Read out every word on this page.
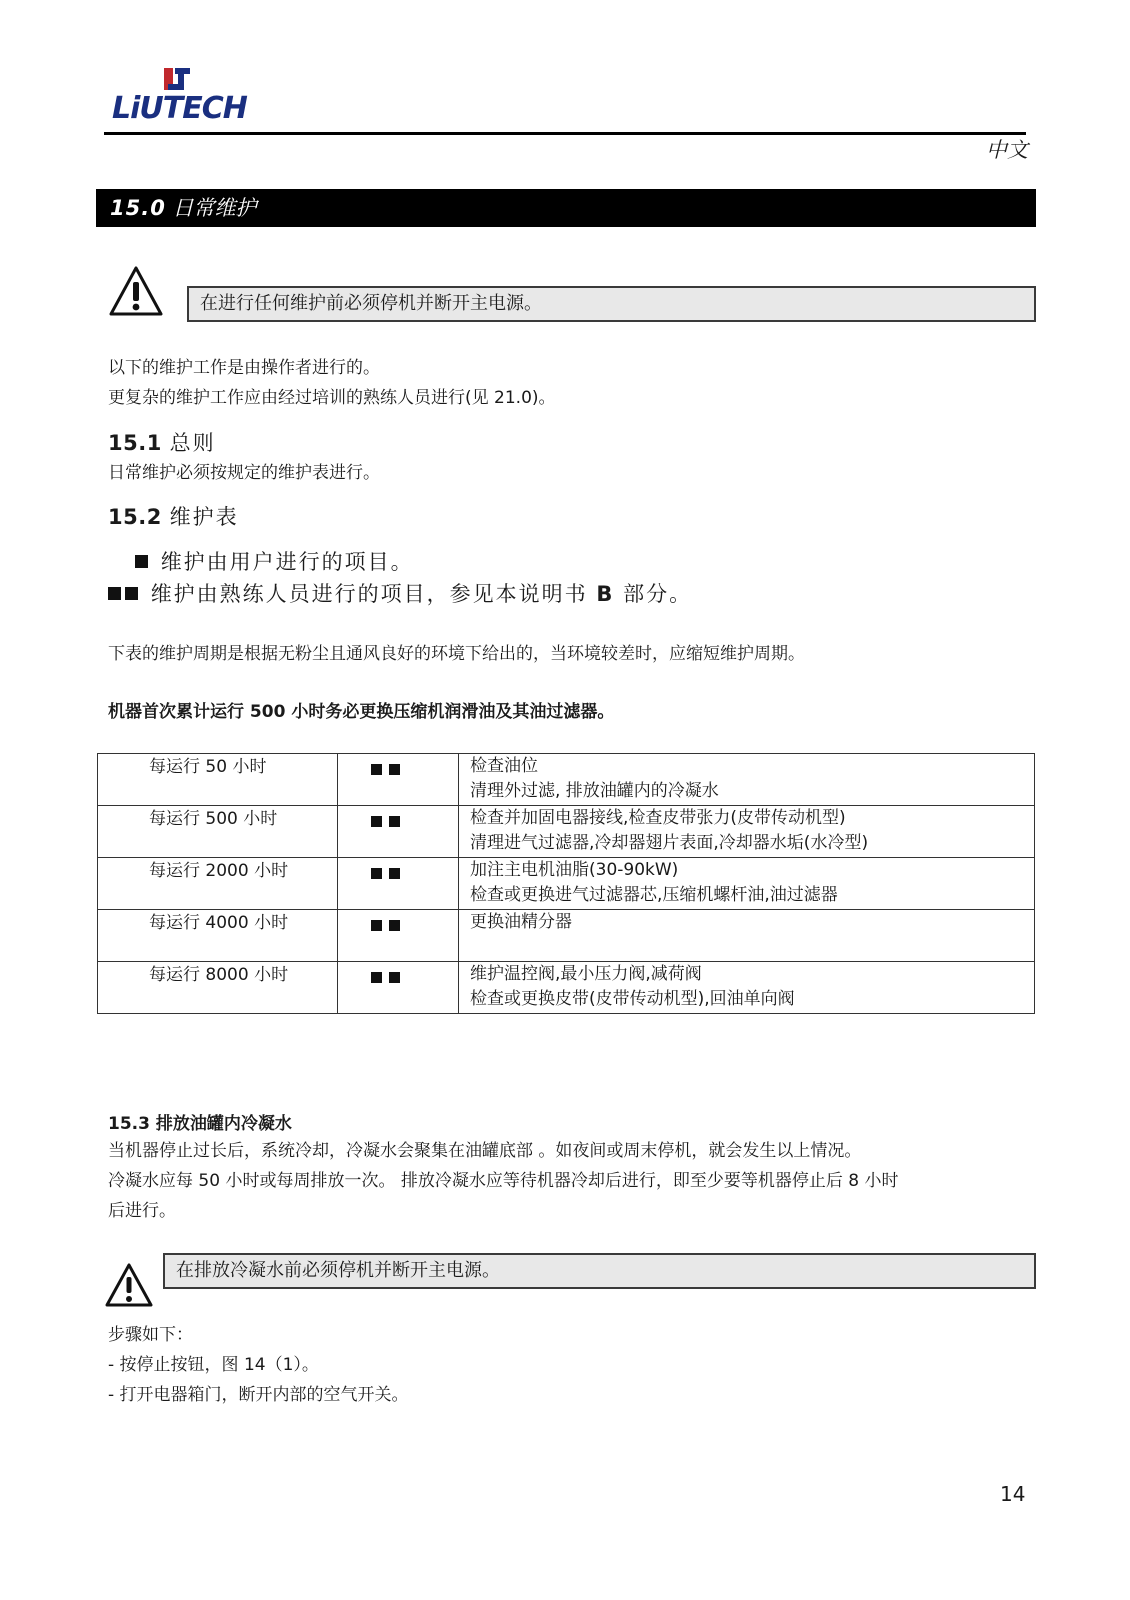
LiUTECH
中文
15.0 日常维护
在进行任何维护前必须停机并断开主电源。
以下的维护工作是由操作者进行的。
更复杂的维护工作应由经过培训的熟练人员进行(见 21.0)。
15.1 总则
日常维护必须按规定的维护表进行。
15.2 维护表
维护由用户进行的项目。
维护由熟练人员进行的项目，参见本说明书 B 部分。
下表的维护周期是根据无粉尘且通风良好的环境下给出的，当环境较差时，应缩短维护周期。
机器首次累计运行 500 小时务必更换压缩机润滑油及其油过滤器。
每运行 50 小时		检查油位
清理外过滤, 排放油罐内的冷凝水

每运行 500 小时		检查并加固电器接线,检查皮带张力(皮带传动机型)
清理进气过滤器,冷却器翅片表面,冷却器水垢(水冷型)

每运行 2000 小时		加注主电机油脂(30-90kW)
检查或更换进气过滤器芯,压缩机螺杆油,油过滤器

每运行 4000 小时		更换油精分器

每运行 8000 小时		维护温控阀,最小压力阀,减荷阀
检查或更换皮带(皮带传动机型),回油单向阀
15.3 排放油罐内冷凝水
当机器停止过长后，系统冷却，冷凝水会聚集在油罐底部 。如夜间或周末停机，就会发生以上情况。
冷凝水应每 50 小时或每周排放一次。 排放冷凝水应等待机器冷却后进行，即至少要等机器停止后 8 小时
后进行。
在排放冷凝水前必须停机并断开主电源。
步骤如下：
- 按停止按钮，图 14（1）。
- 打开电器箱门，断开内部的空气开关。
14
